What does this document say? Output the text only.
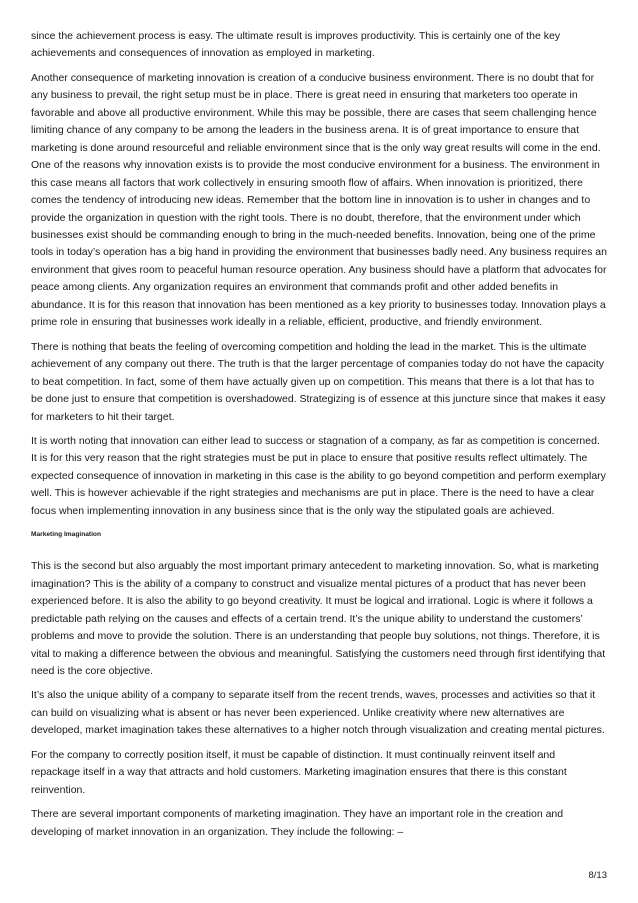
since the achievement process is easy. The ultimate result is improves productivity. This is certainly one of the key achievements and consequences of innovation as employed in marketing.

Another consequence of marketing innovation is creation of a conducive business environment. There is no doubt that for any business to prevail, the right setup must be in place. There is great need in ensuring that marketers too operate in favorable and above all productive environment. While this may be possible, there are cases that seem challenging hence limiting chance of any company to be among the leaders in the business arena. It is of great importance to ensure that marketing is done around resourceful and reliable environment since that is the only way great results will come in the end. One of the reasons why innovation exists is to provide the most conducive environment for a business. The environment in this case means all factors that work collectively in ensuring smooth flow of affairs. When innovation is prioritized, there comes the tendency of introducing new ideas. Remember that the bottom line in innovation is to usher in changes and to provide the organization in question with the right tools. There is no doubt, therefore, that the environment under which businesses exist should be commanding enough to bring in the much-needed benefits. Innovation, being one of the prime tools in today’s operation has a big hand in providing the environment that businesses badly need. Any business requires an environment that gives room to peaceful human resource operation. Any business should have a platform that advocates for peace among clients. Any organization requires an environment that commands profit and other added benefits in abundance. It is for this reason that innovation has been mentioned as a key priority to businesses today. Innovation plays a prime role in ensuring that businesses work ideally in a reliable, efficient, productive, and friendly environment.

There is nothing that beats the feeling of overcoming competition and holding the lead in the market. This is the ultimate achievement of any company out there. The truth is that the larger percentage of companies today do not have the capacity to beat competition. In fact, some of them have actually given up on competition. This means that there is a lot that has to be done just to ensure that competition is overshadowed. Strategizing is of essence at this juncture since that makes it easy for marketers to hit their target.

It is worth noting that innovation can either lead to success or stagnation of a company, as far as competition is concerned. It is for this very reason that the right strategies must be put in place to ensure that positive results reflect ultimately. The expected consequence of innovation in marketing in this case is the ability to go beyond competition and perform exemplary well. This is however achievable if the right strategies and mechanisms are put in place. There is the need to have a clear focus when implementing innovation in any business since that is the only way the stipulated goals are achieved.

Marketing Imagination

This is the second but also arguably the most important primary antecedent to marketing innovation. So, what is marketing imagination? This is the ability of a company to construct and visualize mental pictures of a product that has never been experienced before. It is also the ability to go beyond creativity. It must be logical and irrational. Logic is where it follows a predictable path relying on the causes and effects of a certain trend. It’s the unique ability to understand the customers’ problems and move to provide the solution. There is an understanding that people buy solutions, not things. Therefore, it is vital to making a difference between the obvious and meaningful. Satisfying the customers need through first identifying that need is the core objective.

It’s also the unique ability of a company to separate itself from the recent trends, waves, processes and activities so that it can build on visualizing what is absent or has never been experienced. Unlike creativity where new alternatives are developed, market imagination takes these alternatives to a higher notch through visualization and creating mental pictures.

For the company to correctly position itself, it must be capable of distinction. It must continually reinvent itself and repackage itself in a way that attracts and hold customers. Marketing imagination ensures that there is this constant reinvention.

There are several important components of marketing imagination. They have an important role in the creation and developing of market innovation in an organization. They include the following: –

8/13
